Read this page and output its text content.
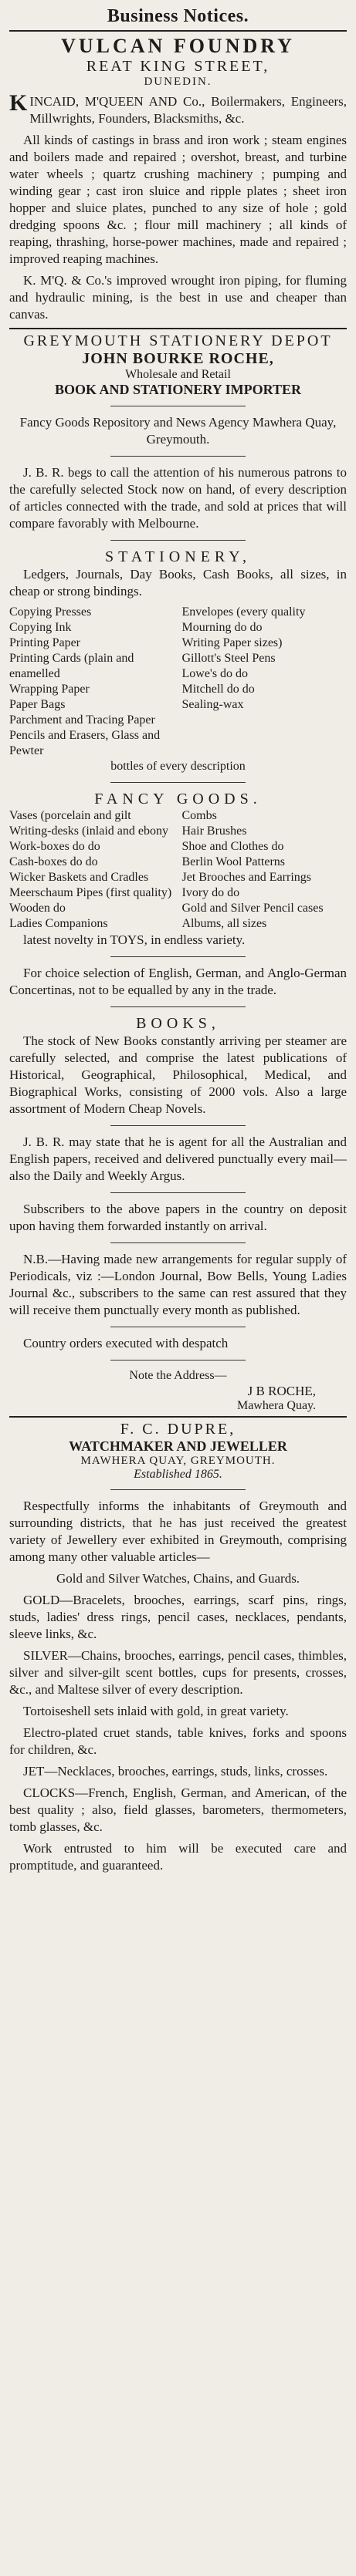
Business Notices.
VULCAN FOUNDRY
REAT KING STREET,
DUNEDIN.

KINCAID, M'QUEEN AND Co., Boilermakers, Engineers, Millwrights, Founders, Blacksmiths, &c.

All kinds of castings in brass and iron work ; steam engines and boilers made and repaired ; overshot, breast, and turbine water wheels ; quartz crushing machinery ; pumping and winding gear ; cast iron sluice and ripple plates ; sheet iron hopper and sluice plates, punched to any size of hole ; gold dredging spoons &c. ; flour mill machinery ; all kinds of reaping, thrashing, horse-power machines, made and repaired ; improved reaping machines.

K. M'Q. & Co.'s improved wrought iron piping, for fluming and hydraulic mining, is the best in use and cheaper than canvas.

GREYMOUTH STATIONERY DEPOT
JOHN BOURKE ROCHE,
Wholesale and Retail
BOOK AND STATIONERY IMPORTER

Fancy Goods Repository and News Agency Mawhera Quay, Greymouth.

J. B. R. begs to call the attention of his numerous patrons to the carefully selected Stock now on hand, of every description of articles connected with the trade, and sold at prices that will compare favorably with Melbourne.

STATIONERY,

Ledgers, Journals, Day Books, Cash Books, all sizes, in cheap or strong bindings.

Copying Presses
Copying Ink
Printing Paper
Printing Cards (plain and enamelled
Wrapping Paper
Paper Bags
Parchment and Tracing Paper
Pencils and Erasers, Glass and Pewter
Envelopes (every quality
Mourning do do
Writing Paper sizes)
Gillott's Steel Pens
Lowe's do do
Mitchell do do
Sealing-wax
bottles of every description
FANCY GOODS.
Vases (porcelain and gilt
Writing-desks (inlaid and ebony
Work-boxes do do
Cash-boxes do do
Wicker Baskets and Cradles
Meerschaum Pipes (first quality)
Wooden do
Ladies Companions
Combs
Hair Brushes
Shoe and Clothes do
Berlin Wool Patterns
Jet Brooches and Earrings
Ivory do do
Gold and Silver Pencil cases
Albums, all sizes

latest novelty in TOYS, in endless variety.

For choice selection of English, German, and Anglo-German Concertinas, not to be equalled by any in the trade.

BOOKS,

The stock of New Books constantly arriving per steamer are carefully selected, and comprise the latest publications of Historical, Geographical, Philosophical, Medical, and Biographical Works, consisting of 2000 vols. Also a large assortment of Modern Cheap Novels.

J. B. R. may state that he is agent for all the Australian and English papers, received and delivered punctually every mail—also the Daily and Weekly Argus.

Subscribers to the above papers in the country on deposit upon having them forwarded instantly on arrival.

N.B.—Having made new arrangements for regular supply of Periodicals, viz :—London Journal, Bow Bells, Young Ladies Journal &c., subscribers to the same can rest assured that they will receive them punctually every month as published.

Country orders executed with despatch

Note the Address—
J B ROCHE,
Mawhera Quay.
F. C. DUPRE,
WATCHMAKER AND JEWELLER
MAWHERA QUAY, GREYMOUTH.
Established 1865.

Respectfully informs the inhabitants of Greymouth and surrounding districts, that he has just received the greatest variety of Jewellery ever exhibited in Greymouth, comprising among many other valuable articles—

Gold and Silver Watches, Chains, and Guards.

GOLD—Bracelets, brooches, earrings, scarf pins, rings, studs, ladies' dress rings, pencil cases, necklaces, pendants, sleeve links, &c.

SILVER—Chains, brooches, earrings, pencil cases, thimbles, silver and silver-gilt scent bottles, cups for presents, crosses, &c., and Maltese silver of every description.

Tortoiseshell sets inlaid with gold, in great variety.

Electro-plated cruet stands, table knives, forks and spoons for children, &c.

JET—Necklaces, brooches, earrings, studs, links, crosses.

CLOCKS—French, English, German, and American, of the best quality ; also, field glasses, barometers, thermometers, tomb glasses, &c.

Work entrusted to him will be executed care and promptitude, and guaranteed.
